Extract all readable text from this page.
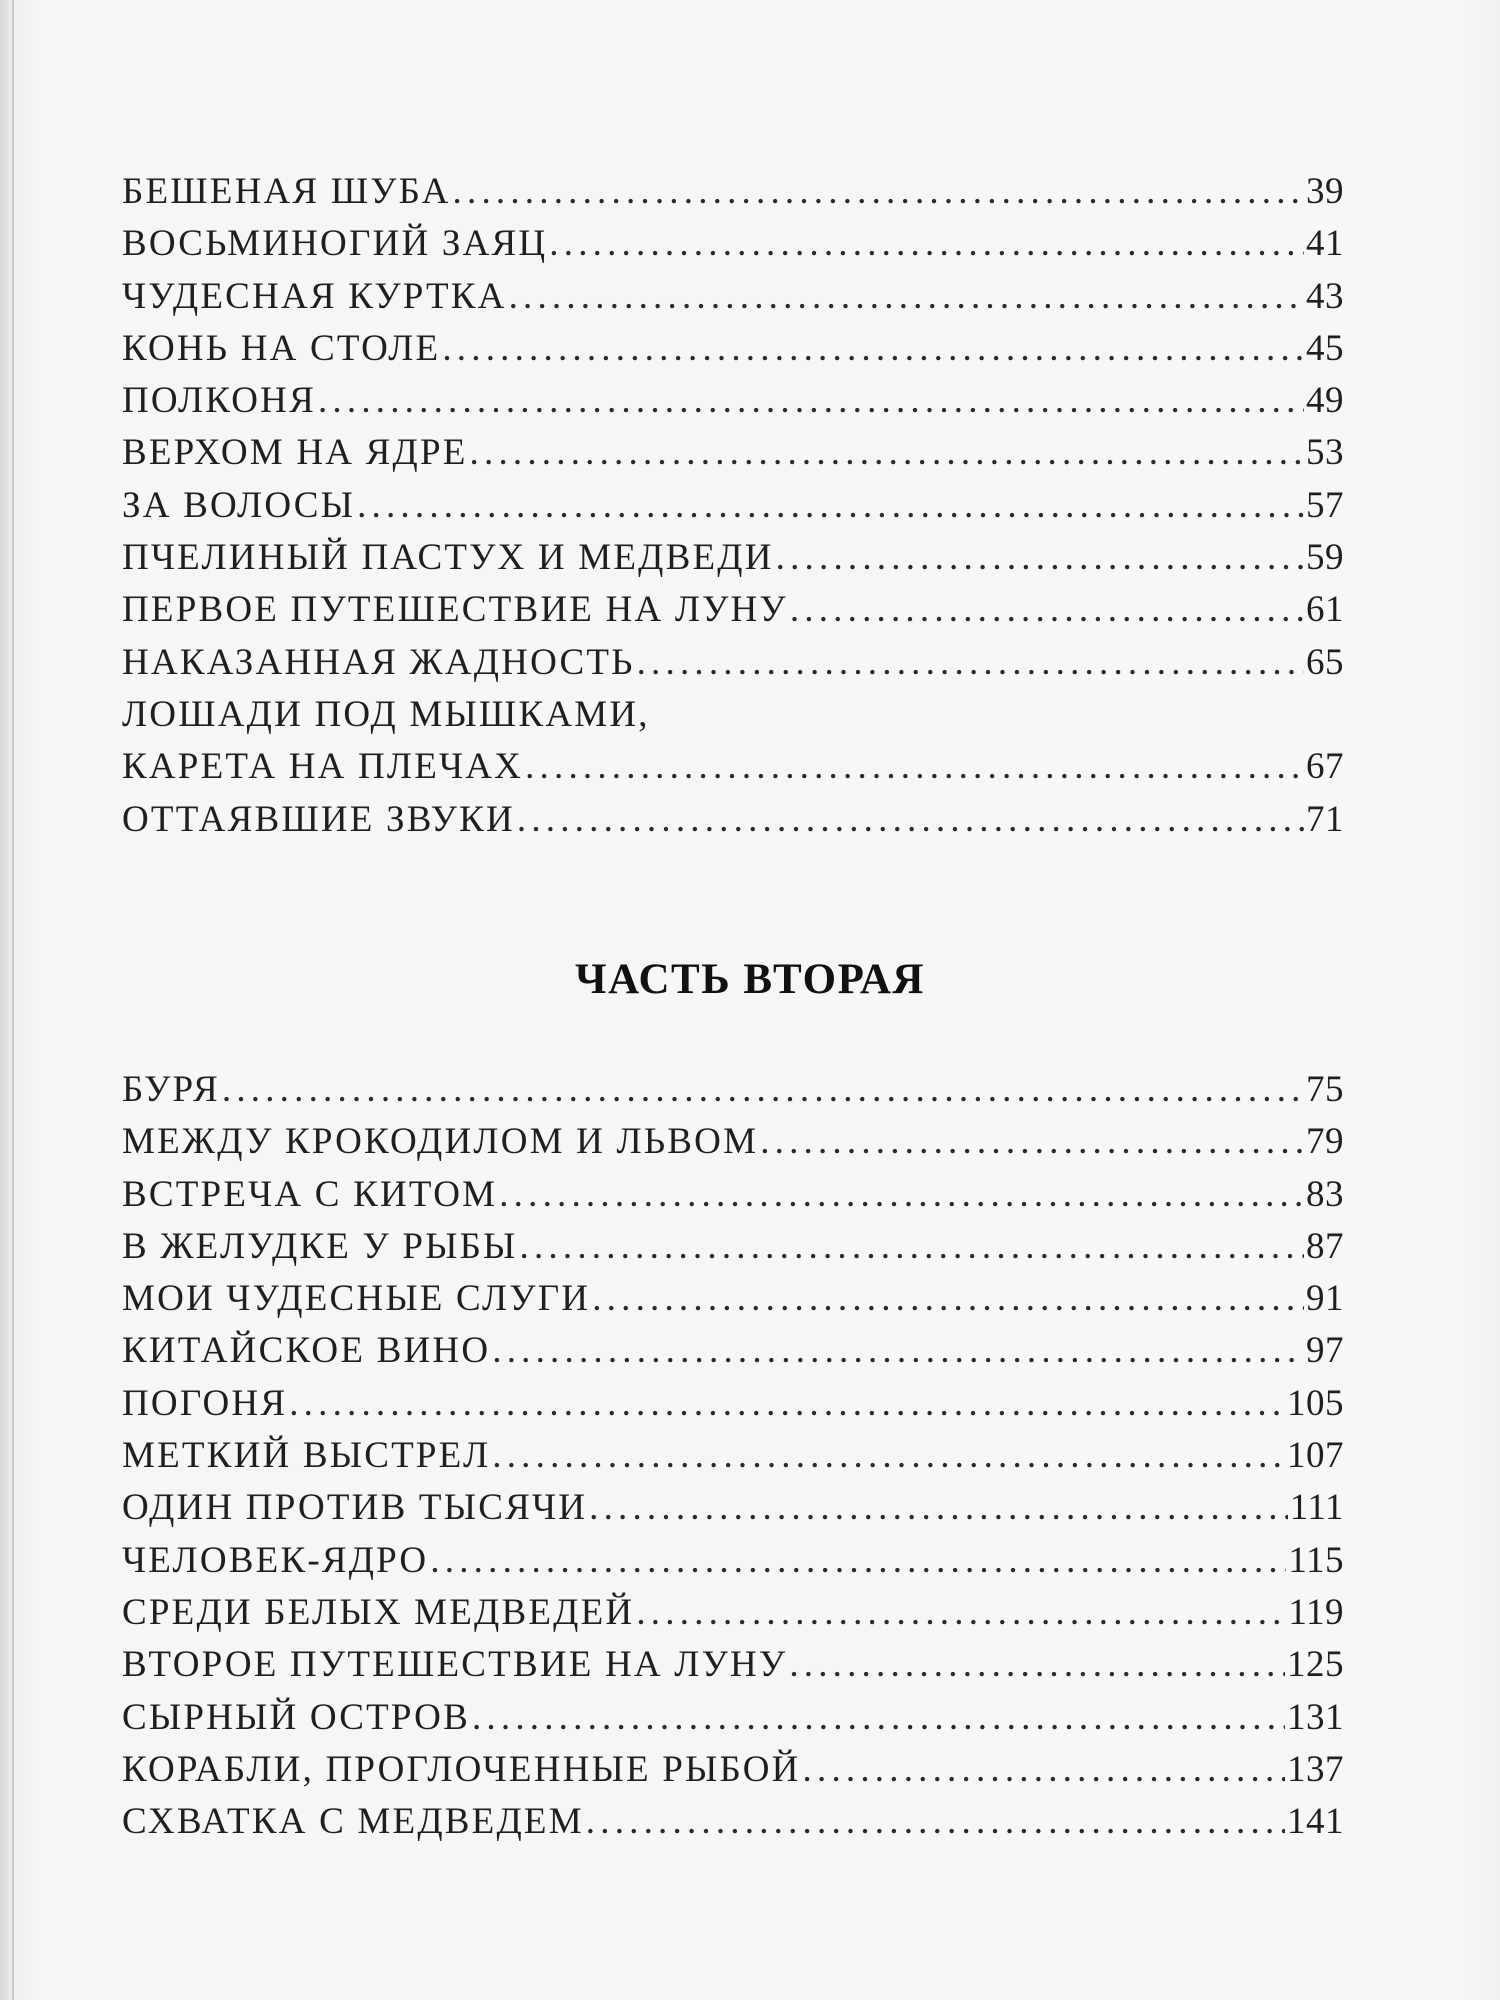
БЕШЕНАЯ ШУБА .....	39
ВОСЬМИНОГИЙ ЗАЯЦ .....	41
ЧУДЕСНАЯ КУРТКА .....	43
КОНЬ НА СТОЛЕ .....	45
ПОЛКОНЯ .....	49
ВЕРХОМ НА ЯДРЕ .....	53
ЗА ВОЛОСЫ .....	57
ПЧЕЛИНЫЙ ПАСТУХ И МЕДВЕДИ .....	59
ПЕРВОЕ ПУТЕШЕСТВИЕ НА ЛУНУ .....	61
НАКАЗАННАЯ ЖАДНОСТЬ .....	65
ЛОШАДИ ПОД МЫШКАМИ,
КАРЕТА НА ПЛЕЧАХ .....	67
ОТТАЯВШИЕ ЗВУКИ .....	71
ЧАСТЬ ВТОРАЯ
БУРЯ .....	75
МЕЖДУ КРОКОДИЛОМ И ЛЬВОМ .....	79
ВСТРЕЧА С КИТОМ .....	83
В ЖЕЛУДКЕ У РЫБЫ .....	87
МОИ ЧУДЕСНЫЕ СЛУГИ .....	91
КИТАЙСКОЕ ВИНО .....	97
ПОГОНЯ .....	105
МЕТКИЙ ВЫСТРЕЛ .....	107
ОДИН ПРОТИВ ТЫСЯЧИ .....	111
ЧЕЛОВЕК-ЯДРО .....	115
СРЕДИ БЕЛЫХ МЕДВЕДЕЙ .....	119
ВТОРОЕ ПУТЕШЕСТВИЕ НА ЛУНУ .....	125
СЫРНЫЙ ОСТРОВ .....	131
КОРАБЛИ, ПРОГЛОЧЕННЫЕ РЫБОЙ .....	137
СХВАТКА С МЕДВЕДЕМ .....	141
